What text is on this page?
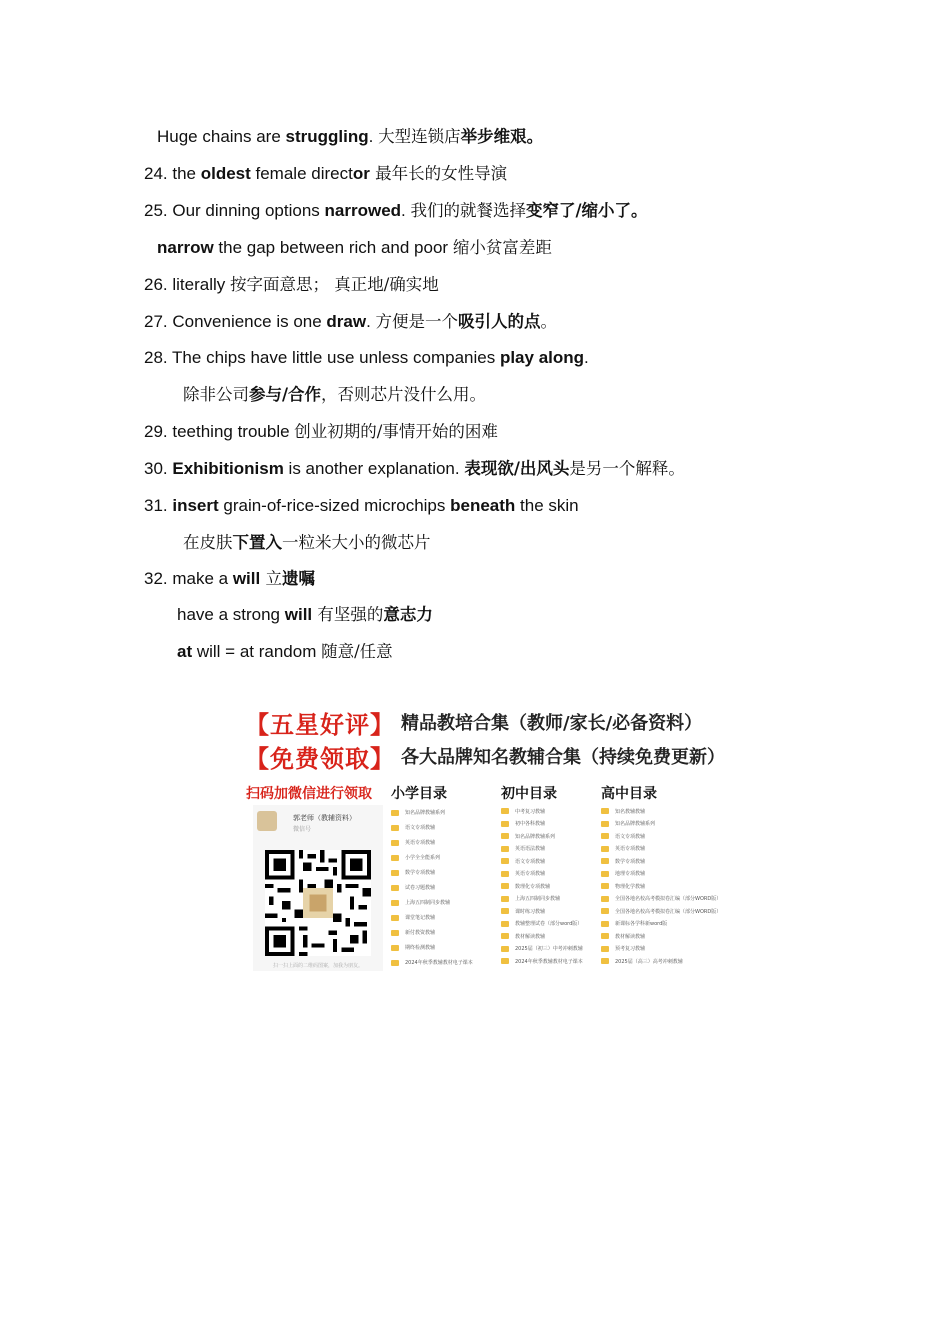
Huge chains are struggling. 大型连锁店举步维艰。
24. the oldest female director 最年长的女性导演
25. Our dinning options narrowed. 我们的就餐选择变窄了/缩小了。
narrow the gap between rich and poor 缩小贫富差距
26. literally 按字面意思； 真正地/确实地
27. Convenience is one draw. 方便是一个吸引人的点。
28. The chips have little use unless companies play along.
除非公司参与/合作，否则芯片没什么用。
29. teething trouble 创业初期的/事情开始的困难
30. Exhibitionism is another explanation. 表现欲/出风头是另一个解释。
31. insert grain-of-rice-sized microchips beneath the skin
在皮肤下置入一粒米大小的微芯片
32. make a will 立遗嘱
have a strong will 有坚强的意志力
at will = at random 随意/任意
【五星好评】 精品教培合集（教师/家长/必备资料）
【免费领取】 各大品牌知名教辅合集（持续免费更新）
扫码加微信进行领取 小学目录	初中目录	高中目录
郭老师（教辅资料）
微信号
扫一扫上面的二维码图案，加我为朋友。
知名品牌教辅系列
语文专项教辅
英语专项教辅
小学全全能系列
数学专项教辅
试卷习题教辅
上海五四制同步教辅
课堂笔记教辅
新付教资教辅
期终检测教辅
2024年秋季教辅教材电子课本
中考复习教辅
初中各科教辅
知名品牌教辅系列
英语语法教辅
语文专项教辅
英语专项教辅
数理化专项教辅
上海五四制同步教辅
课时练习教辅
教辅整理试卷（部分word版）
教材解读教辅
2025届（初三）中考冲刺教辅
2024年秋季教辅教材电子课本
知名教辅教辅
知名品牌教辅系列
语文专项教辅
英语专项教辅
数学专项教辅
地理专项教辅
物理化学教辅
全国各地名校高考模拟卷汇编（部分WORD版）
全国各地名校高考模拟卷汇编（部分WORD版）
新课标各学科新word版
教材解读教辅
预考复习教辅
2025届（高三）高考冲刺教辅
